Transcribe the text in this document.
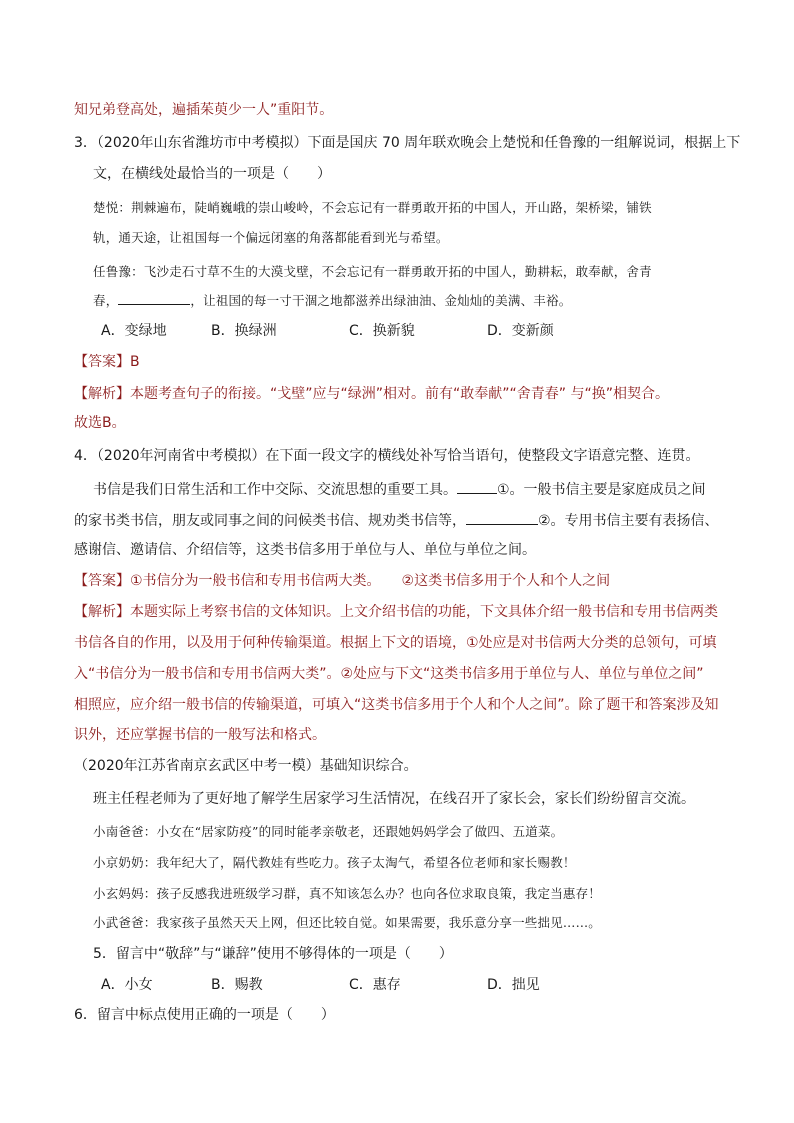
知兄弟登高处，遍插茱萸少一人”重阳节。
3．（2020年山东省潍坊市中考模拟）下面是国庆 70 周年联欢晚会上楚悦和任鲁豫的一组解说词，根据上下
文，在横线处最恰当的一项是（　　）
楚悦：荆棘遍布，陡峭巍峨的崇山峻岭，不会忘记有一群勇敢开拓的中国人，开山路，架桥梁，铺铁
轨，通天途，让祖国每一个偏远闭塞的角落都能看到光与希望。
任鲁豫：飞沙走石寸草不生的大漠戈壁，不会忘记有一群勇敢开拓的中国人，勤耕耘，敢奉献，舍青
春，	，让祖国的每一寸干涸之地都滋养出绿油油、金灿灿的美满、丰裕。
A．变绿地	B．换绿洲	C．换新貌	D．变新颜
【答案】B
【解析】本题考查句子的衔接。“戈壁”应与“绿洲”相对。前有“敢奉献”“舍青春” 与“换”相契合。
故选B。
4．（2020年河南省中考模拟）在下面一段文字的横线处补写恰当语句，使整段文字语意完整、连贯。
书信是我们日常生活和工作中交际、交流思想的重要工具。	①。一般书信主要是家庭成员之间
的家书类书信，朋友或同事之间的问候类书信、规劝类书信等，	②。专用书信主要有表扬信、
感谢信、邀请信、介绍信等，这类书信多用于单位与人、单位与单位之间。
【答案】①书信分为一般书信和专用书信两大类。　　②这类书信多用于个人和个人之间
【解析】本题实际上考察书信的文体知识。上文介绍书信的功能，下文具体介绍一般书信和专用书信两类
书信各自的作用，以及用于何种传输渠道。根据上下文的语境，①处应是对书信两大分类的总领句，可填
入“书信分为一般书信和专用书信两大类”。②处应与下文“这类书信多用于单位与人、单位与单位之间”
相照应，应介绍一般书信的传输渠道，可填入“这类书信多用于个人和个人之间”。除了题干和答案涉及知
识外，还应掌握书信的一般写法和格式。
（2020年江苏省南京玄武区中考一模）基础知识综合。
班主任程老师为了更好地了解学生居家学习生活情况，在线召开了家长会，家长们纷纷留言交流。
小南爸爸：小女在“居家防疫”的同时能孝亲敬老，还跟她妈妈学会了做四、五道菜。
小京奶奶：我年纪大了，隔代教娃有些吃力。孩子太淘气，希望各位老师和家长赐教！
小玄妈妈：孩子反感我进班级学习群，真不知该怎么办？也向各位求取良策，我定当惠存！
小武爸爸：我家孩子虽然天天上网，但还比较自觉。如果需要，我乐意分享一些拙见……。
5．留言中“敬辞”与“谦辞”使用不够得体的一项是（　　）
A．小女	B．赐教	C．惠存	D．拙见
6．留言中标点使用正确的一项是（　　）
